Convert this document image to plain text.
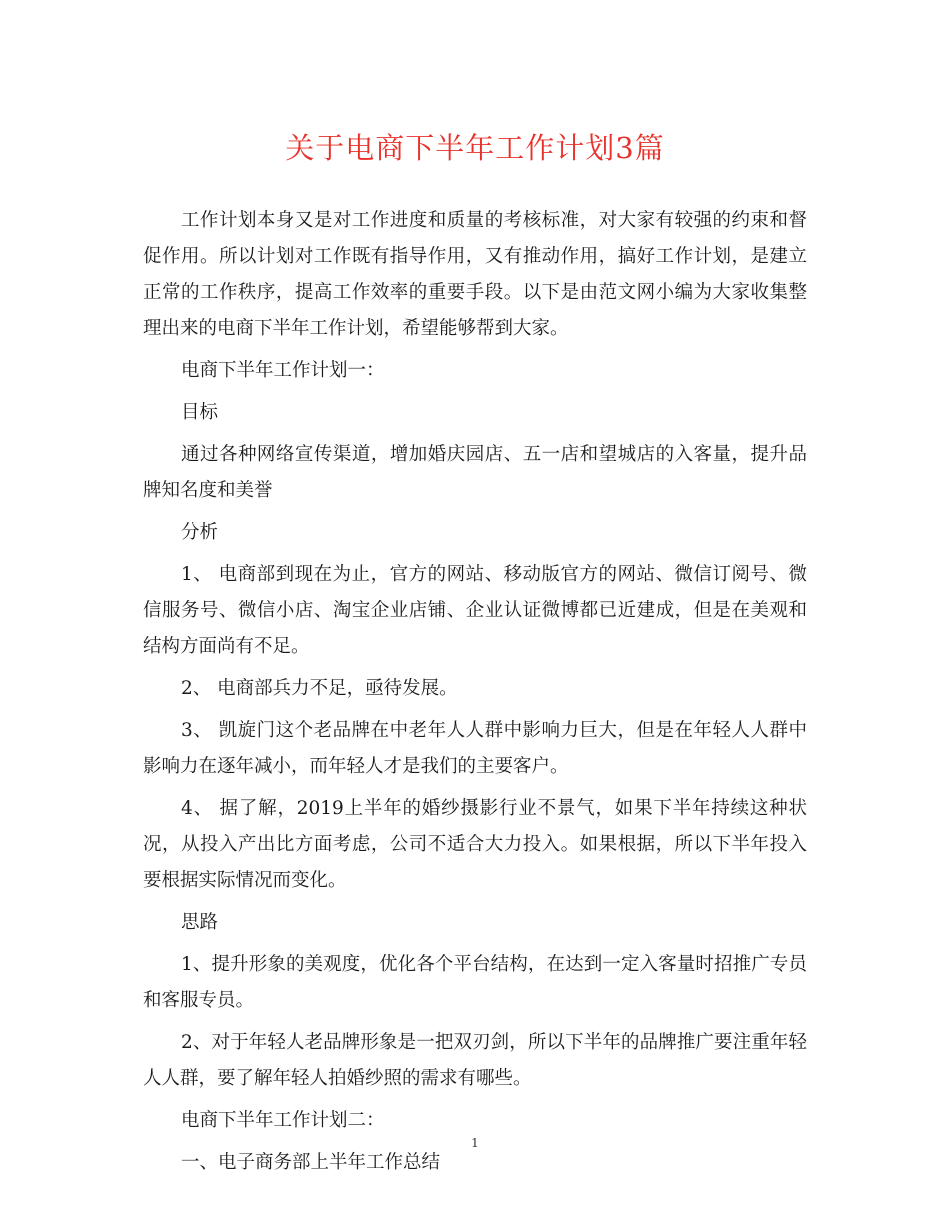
关于电商下半年工作计划3篇

工作计划本身又是对工作进度和质量的考核标准，对大家有较强的约束和督促作用。所以计划对工作既有指导作用，又有推动作用，搞好工作计划，是建立正常的工作秩序，提高工作效率的重要手段。以下是由范文网小编为大家收集整理出来的电商下半年工作计划，希望能够帮到大家。

电商下半年工作计划一：

目标

通过各种网络宣传渠道，增加婚庆园店、五一店和望城店的入客量，提升品牌知名度和美誉

分析

1、 电商部到现在为止，官方的网站、移动版官方的网站、微信订阅号、微信服务号、微信小店、淘宝企业店铺、企业认证微博都已近建成，但是在美观和结构方面尚有不足。

2、 电商部兵力不足，亟待发展。

3、 凯旋门这个老品牌在中老年人人群中影响力巨大，但是在年轻人人群中影响力在逐年减小，而年轻人才是我们的主要客户。

4、 据了解，2019上半年的婚纱摄影行业不景气，如果下半年持续这种状况，从投入产出比方面考虑，公司不适合大力投入。如果根据，所以下半年投入要根据实际情况而变化。

思路

1、提升形象的美观度，优化各个平台结构，在达到一定入客量时招推广专员和客服专员。

2、对于年轻人老品牌形象是一把双刃剑，所以下半年的品牌推广要注重年轻人人群，要了解年轻人拍婚纱照的需求有哪些。

电商下半年工作计划二：

一、电子商务部上半年工作总结

1
